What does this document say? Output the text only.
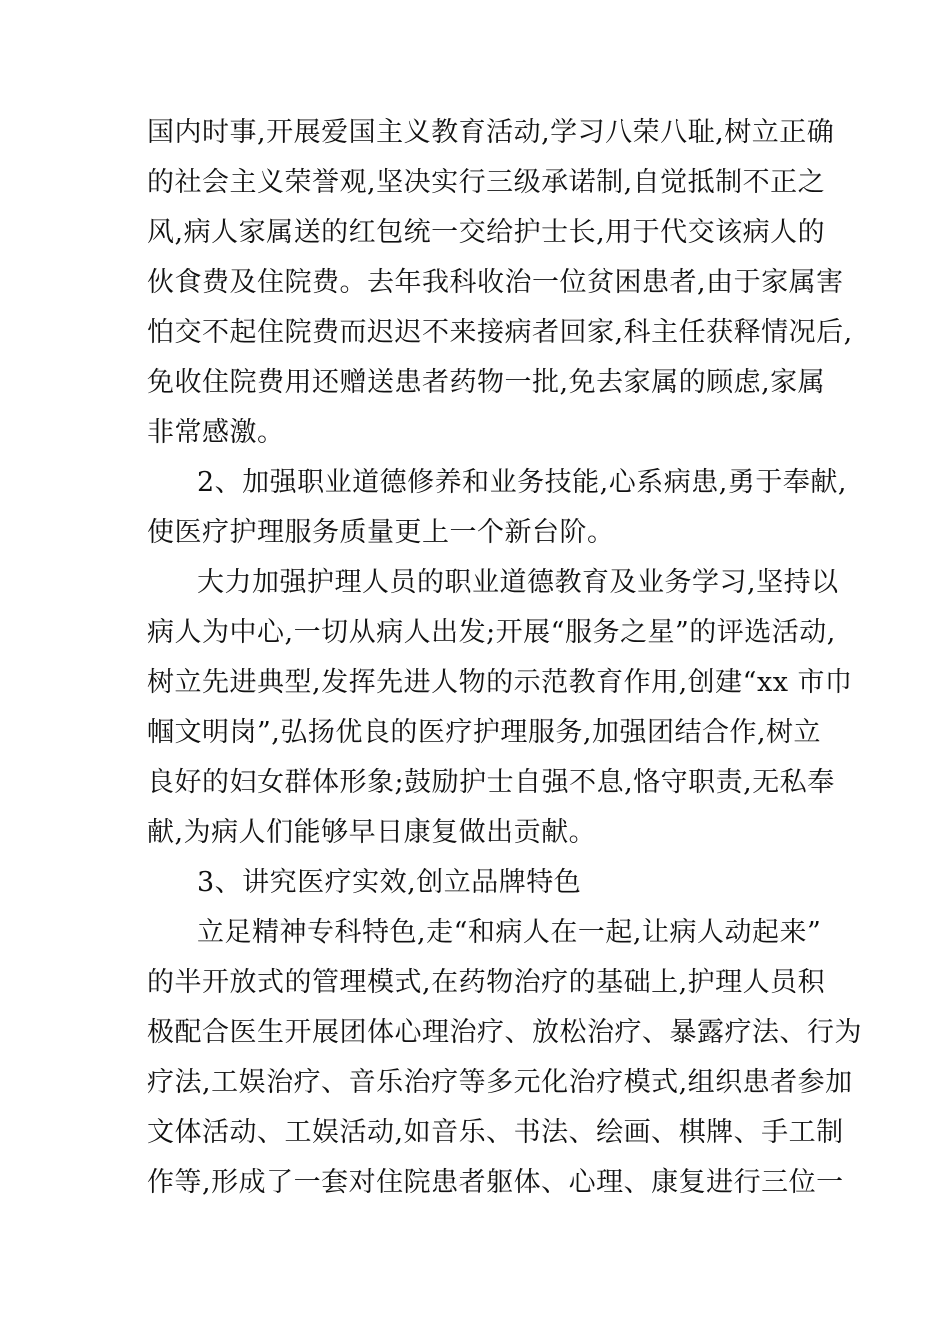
国内时事,开展爱国主义教育活动,学习八荣八耻,树立正确
的社会主义荣誉观,坚决实行三级承诺制,自觉抵制不正之
风,病人家属送的红包统一交给护士长,用于代交该病人的
伙食费及住院费。去年我科收治一位贫困患者,由于家属害
怕交不起住院费而迟迟不来接病者回家,科主任获释情况后,
免收住院费用还赠送患者药物一批,免去家属的顾虑,家属
非常感激。
2、加强职业道德修养和业务技能,心系病患,勇于奉献,
使医疗护理服务质量更上一个新台阶。
大力加强护理人员的职业道德教育及业务学习,坚持以
病人为中心,一切从病人出发;开展“服务之星”的评选活动,
树立先进典型,发挥先进人物的示范教育作用,创建“xx 市巾
帼文明岗”,弘扬优良的医疗护理服务,加强团结合作,树立
良好的妇女群体形象;鼓励护士自强不息,恪守职责,无私奉
献,为病人们能够早日康复做出贡献。
3、讲究医疗实效,创立品牌特色
立足精神专科特色,走“和病人在一起,让病人动起来”
的半开放式的管理模式,在药物治疗的基础上,护理人员积
极配合医生开展团体心理治疗、放松治疗、暴露疗法、行为
疗法,工娱治疗、音乐治疗等多元化治疗模式,组织患者参加
文体活动、工娱活动,如音乐、书法、绘画、棋牌、手工制
作等,形成了一套对住院患者躯体、心理、康复进行三位一
